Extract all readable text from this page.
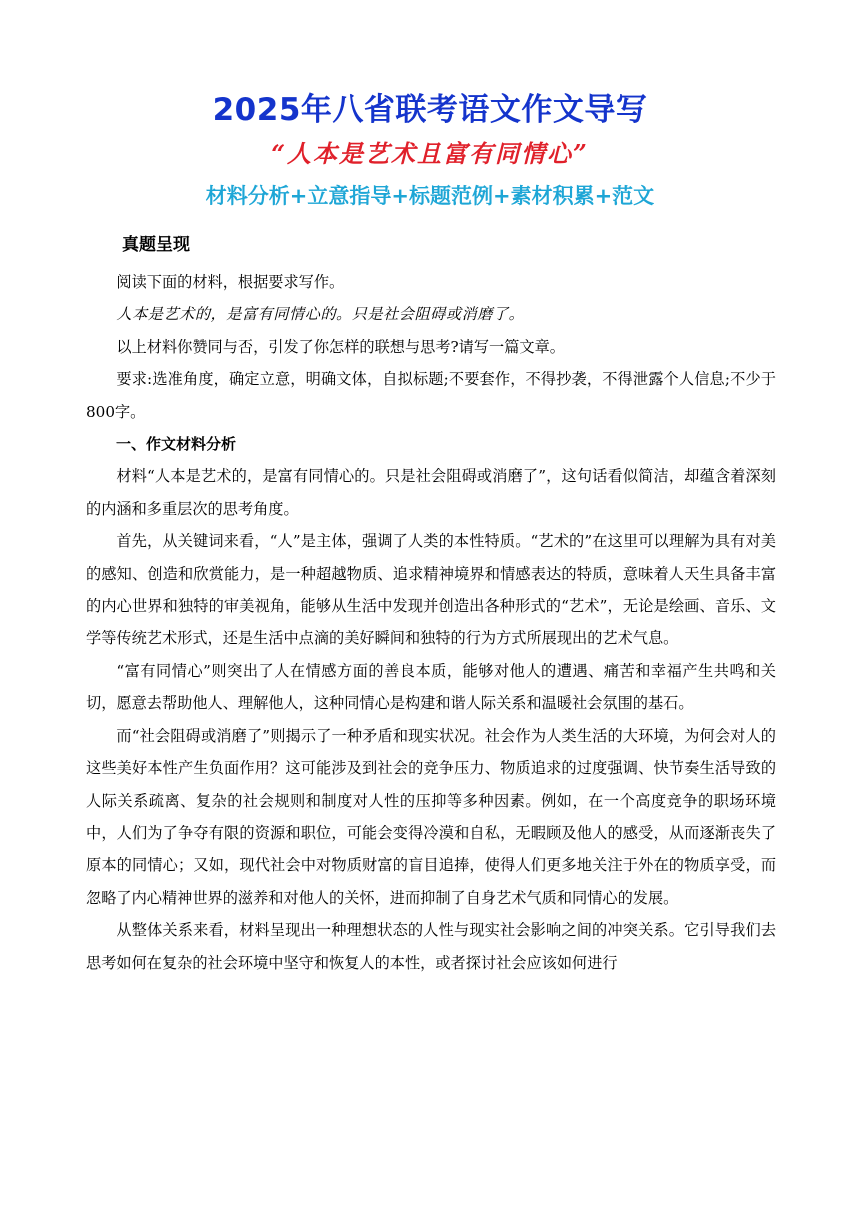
2025年八省联考语文作文导写
“人本是艺术且富有同情心”
材料分析+立意指导+标题范例+素材积累+范文
真题呈现

阅读下面的材料，根据要求写作。

人本是艺术的，是富有同情心的。只是社会阻碍或消磨了。

以上材料你赞同与否，引发了你怎样的联想与思考?请写一篇文章。

要求:选准角度，确定立意，明确文体，自拟标题;不要套作，不得抄袭，不得泄露个人信息;不少于800字。

一、作文材料分析

材料“人本是艺术的，是富有同情心的。只是社会阻碍或消磨了”，这句话看似简洁，却蕴含着深刻的内涵和多重层次的思考角度。

首先，从关键词来看，“人”是主体，强调了人类的本性特质。“艺术的”在这里可以理解为具有对美的感知、创造和欣赏能力，是一种超越物质、追求精神境界和情感表达的特质，意味着人天生具备丰富的内心世界和独特的审美视角，能够从生活中发现并创造出各种形式的“艺术”，无论是绘画、音乐、文学等传统艺术形式，还是生活中点滴的美好瞬间和独特的行为方式所展现出的艺术气息。

“富有同情心”则突出了人在情感方面的善良本质，能够对他人的遭遇、痛苦和幸福产生共鸣和关切，愿意去帮助他人、理解他人，这种同情心是构建和谐人际关系和温暖社会氛围的基石。

而“社会阻碍或消磨了”则揭示了一种矛盾和现实状况。社会作为人类生活的大环境，为何会对人的这些美好本性产生负面作用？这可能涉及到社会的竞争压力、物质追求的过度强调、快节奏生活导致的人际关系疏离、复杂的社会规则和制度对人性的压抑等多种因素。例如，在一个高度竞争的职场环境中，人们为了争夺有限的资源和职位，可能会变得冷漠和自私，无暇顾及他人的感受，从而逐渐丧失了原本的同情心；又如，现代社会中对物质财富的盲目追捧，使得人们更多地关注于外在的物质享受，而忽略了内心精神世界的滋养和对他人的关怀，进而抑制了自身艺术气质和同情心的发展。

从整体关系来看，材料呈现出一种理想状态的人性与现实社会影响之间的冲突关系。它引导我们去思考如何在复杂的社会环境中坚守和恢复人的本性，或者探讨社会应该如何进行
